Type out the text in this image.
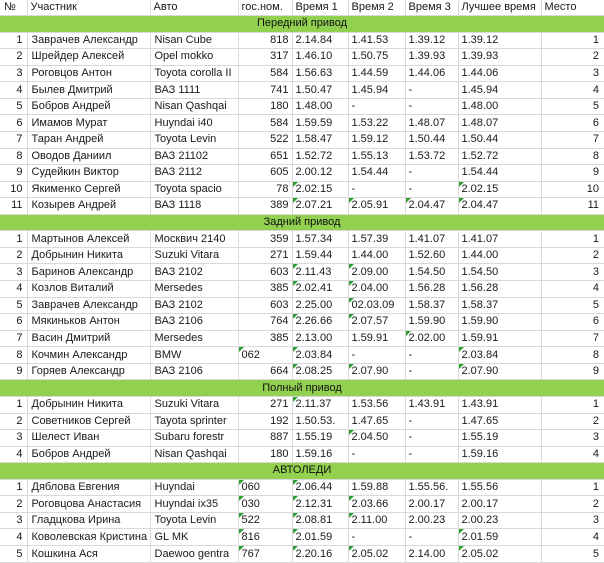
№	Участник	Авто	гос.ном.	Время 1	Время 2	Время 3	Лучшее время	Место
Передний привод								
1	Заврачев Александр	Nisan Cube	818	2.14.84	1.41.53	1.39.12	1.39.12	1
2	Шрейдер Алексей	Opel mokko	317	1.46.10	1.50.75	1.39.93	1.39.93	2
3	Роговцов Антон	Toyota corolla II	584	1.56.63	1.44.59	1.44.06	1.44.06	3
4	Былев Дмитрий	ВАЗ 1111	741	1.50.47	1.45.94	-	1.45.94	4
5	Бобров Андрей	Nisan Qashqai	180	1.48.00	-	-	1.48.00	5
6	Имамов Мурат	Huyndai i40	584	1.59.59	1.53.22	1.48.07	1.48.07	6
7	Таран Андрей	Toyota Levin	522	1.58.47	1.59.12	1.50.44	1.50.44	7
8	Оводов Даниил	ВАЗ 21102	651	1.52.72	1.55.13	1.53.72	1.52.72	8
9	Судейкин Виктор	ВАЗ 2112	605	2.00.12	1.54.44	-	1.54.44	9
10	Якименко Сергей	Toyota spacio	78	2.02.15	-	-	2.02.15	10
11	Козырев Андрей	ВАЗ 1118	389	2.07.21	2.05.91	2.04.47	2.04.47	11
Задний привод								
1	Мартынов Алексей	Москвич 2140	359	1.57.34	1.57.39	1.41.07	1.41.07	1
2	Добрынин Никита	Suzuki Vitara	271	1.59.44	1.44.00	1.52.60	1.44.00	2
3	Баринов Александр	ВАЗ 2102	603	2.11.43	2.09.00	1.54.50	1.54.50	3
4	Козлов Виталий	Mersedes	385	2.02.41	2.04.00	1.56.28	1.56.28	4
5	Заврачев Александр	ВАЗ 2102	603	2.25.00	02.03.09	1.58.37	1.58.37	5
6	Мякиньков Антон	ВАЗ 2106	764	2.26.66	2.07.57	1.59.90	1.59.90	6
7	Васин Дмитрий	Mersedes	385	2.13.00	1.59.91	2.02.00	1.59.91	7
8	Кочмин Александр	BMW	062	2.03.84	-	-	2.03.84	8
9	Горяев Александр	ВАЗ 2106	664	2.08.25	2.07.90	-	2.07.90	9
Полный привод								
1	Добрынин Никита	Suzuki Vitara	271	2.11.37	1.53.56	1.43.91	1.43.91	1
2	Советников Сергей	Tayota sprinter	192	1.50.53.	1.47.65	-	1.47.65	2
3	Шелест Иван	Subaru forestr	887	1.55.19	2.04.50	-	1.55.19	3
4	Бобров Андрей	Nisan Qashqai	180	1.59.16	-	-	1.59.16	4
АВТОЛЕДИ								
1	Дяблова Евгения	Huyndai	060	2.06.44	1.59.88	1.55.56.	1.55.56	1
2	Роговцова Анастасия	Huyndai ix35	030	2.12.31	2.03.66	2.00.17	2.00.17	2
3	Гладцкова Ирина	Toyota Levin	522	2.08.81	2.11.00	2.00.23	2.00.23	3
4	Коволевская Кристина	GL MK	816	2.01.59	-	-	2.01.59	4
5	Кошкина Ася	Daewoo gentra	767	2.20.16	2.05.02	2.14.00	2.05.02	5
